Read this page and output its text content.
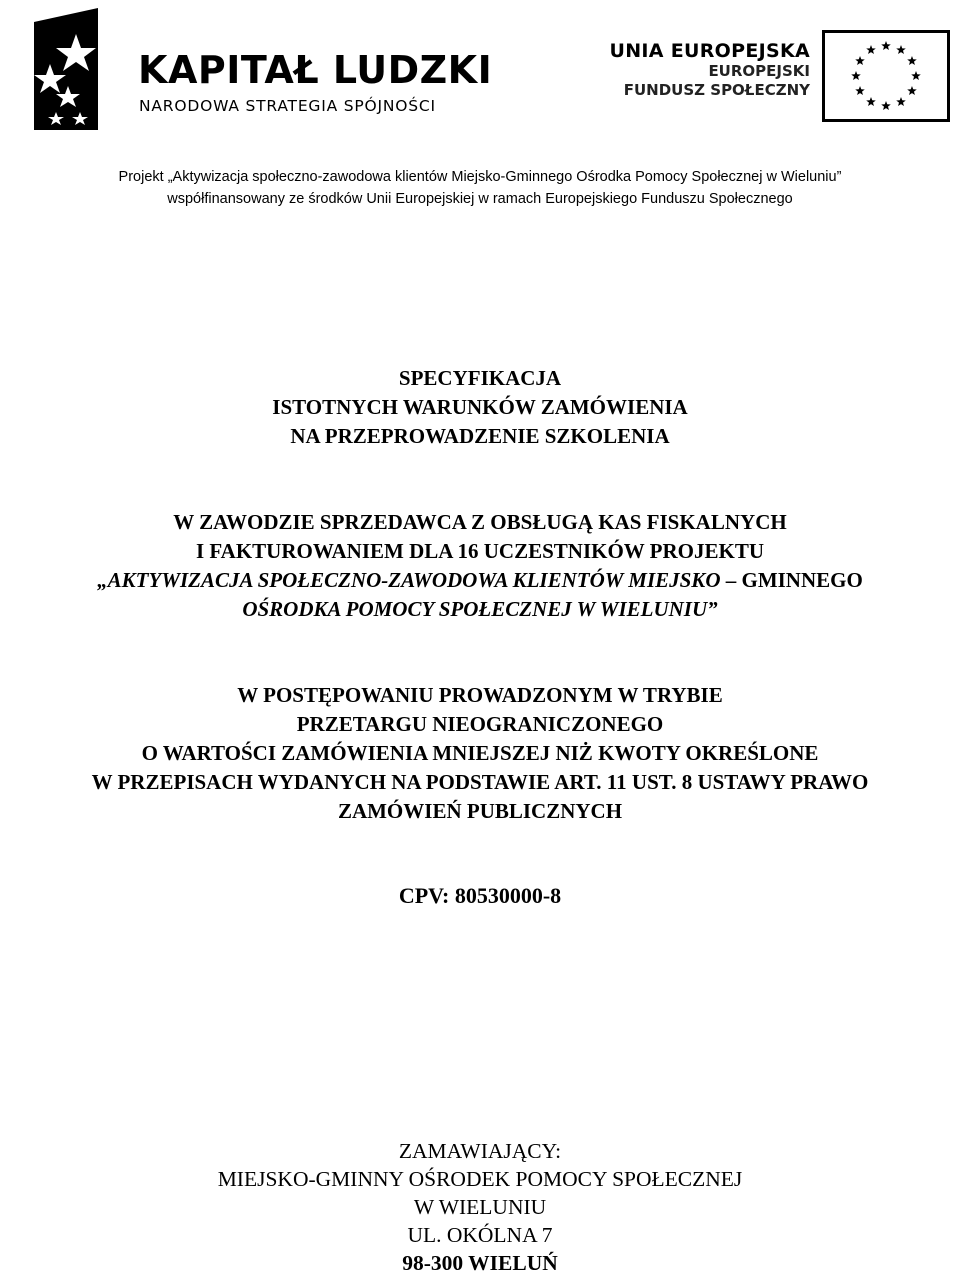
KAPITAŁ LUDZKI
NARODOWA STRATEGIA SPÓJNOŚCI
UNIA EUROPEJSKA
EUROPEJSKI
FUNDUSZ SPOŁECZNY
Projekt „Aktywizacja społeczno-zawodowa klientów Miejsko-Gminnego Ośrodka Pomocy Społecznej w Wieluniu”
współfinansowany ze środków Unii Europejskiej w ramach Europejskiego Funduszu Społecznego
SPECYFIKACJA
ISTOTNYCH WARUNKÓW ZAMÓWIENIA
NA PRZEPROWADZENIE SZKOLENIA
W ZAWODZIE SPRZEDAWCA Z OBSŁUGĄ KAS FISKALNYCH
I FAKTUROWANIEM DLA 16 UCZESTNIKÓW PROJEKTU
„AKTYWIZACJA SPOŁECZNO-ZAWODOWA KLIENTÓW MIEJSKO – GMINNEGO
OŚRODKA POMOCY SPOŁECZNEJ W WIELUNIU”
W POSTĘPOWANIU PROWADZONYM W TRYBIE
PRZETARGU NIEOGRANICZONEGO
O WARTOŚCI ZAMÓWIENIA MNIEJSZEJ NIŻ KWOTY OKREŚLONE
W PRZEPISACH WYDANYCH NA PODSTAWIE ART. 11 UST. 8 USTAWY PRAWO
ZAMÓWIEŃ PUBLICZNYCH
CPV: 80530000-8
ZAMAWIAJĄCY:
MIEJSKO-GMINNY OŚRODEK POMOCY SPOŁECZNEJ
W WIELUNIU
UL. OKÓLNA 7
98-300 WIELUŃ
